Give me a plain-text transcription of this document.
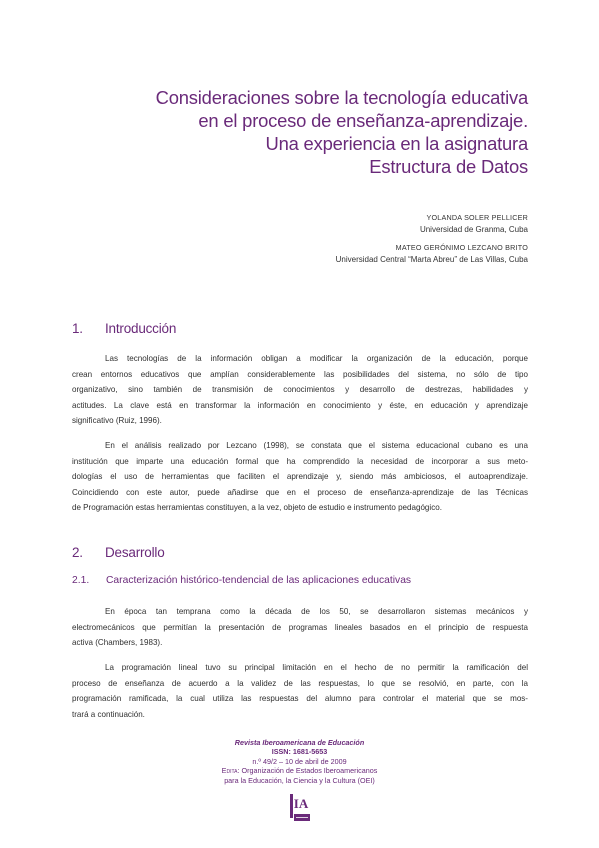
Consideraciones sobre la tecnología educativa
en el proceso de enseñanza-aprendizaje.
Una experiencia en la asignatura
Estructura de Datos
YOLANDA SOLER PELLICER
Universidad de Granma, Cuba
MATEO GERÓNIMO LEZCANO BRITO
Universidad Central “Marta Abreu” de Las Villas, Cuba
1. Introducción
Las tecnologías de la información obligan a modificar la organización de la educación, porque
crean entornos educativos que amplían considerablemente las posibilidades del sistema, no sólo de tipo
organizativo, sino también de transmisión de conocimientos y desarrollo de destrezas, habilidades y
actitudes. La clave está en transformar la información en conocimiento y éste, en educación y aprendizaje
significativo (Ruiz, 1996).
En el análisis realizado por Lezcano (1998), se constata que el sistema educacional cubano es una
institución que imparte una educación formal que ha comprendido la necesidad de incorporar a sus meto-
dologías el uso de herramientas que faciliten el aprendizaje y, siendo más ambiciosos, el autoaprendizaje.
Coincidiendo con este autor, puede añadirse que en el proceso de enseñanza-aprendizaje de las Técnicas
de Programación estas herramientas constituyen, a la vez, objeto de estudio e instrumento pedagógico.
2. Desarrollo
2.1. Caracterización histórico-tendencial de las aplicaciones educativas
En época tan temprana como la década de los 50, se desarrollaron sistemas mecánicos y
electromecánicos que permitían la presentación de programas lineales basados en el principio de respuesta
activa (Chambers, 1983).
La programación lineal tuvo su principal limitación en el hecho de no permitir la ramificación del
proceso de enseñanza de acuerdo a la validez de las respuestas, lo que se resolvió, en parte, con la
programación ramificada, la cual utiliza las respuestas del alumno para controlar el material que se mos-
trará a continuación.
Revista Iberoamericana de Educación
ISSN: 1681-5653
n.º 49/2 – 10 de abril de 2009
Edita: Organización de Estados Iberoamericanos
para la Educación, la Ciencia y la Cultura (OEI)
IA
